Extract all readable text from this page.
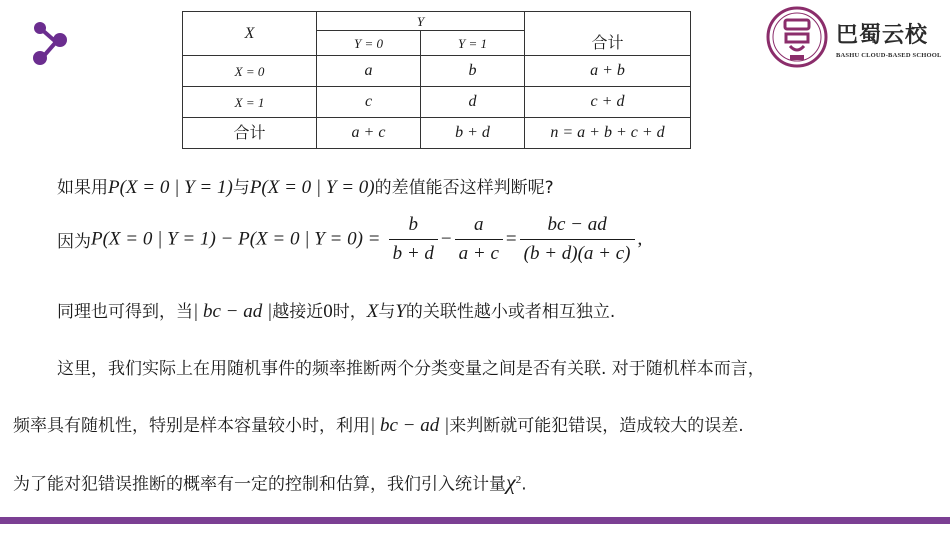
X	Y		合计
	Y = 0	Y = 1	
X = 0	a	b	a + b
X = 1	c	d	c + d
合计	a + c	b + d	n = a + b + c + d
巴蜀云校
BASHU CLOUD-BASED SCHOOL
如果用P(X = 0 | Y = 1)与P(X = 0 | Y = 0)的差值能否这样判断呢?
因为P(X = 0 | Y = 1) − P(X = 0 | $Y = 0) = \frac{b}{b + d} - \frac{a}{a + c} = \frac{bc - ad}{(b + d)(a + c)}$ ,
同理也可得到，当| bc − ad |越接近0时，X与Y的关联性越小或者相互独立.
这里，我们实际上在用随机事件的频率推断两个分类变量之间是否有关联. 对于随机样本而言，
频率具有随机性，特别是样本容量较小时，利用| bc − ad |来判断就可能犯错误，造成较大的误差.
为了能对犯错误推断的概率有一定的控制和估算，我们引入统计量$\chi^2$.
